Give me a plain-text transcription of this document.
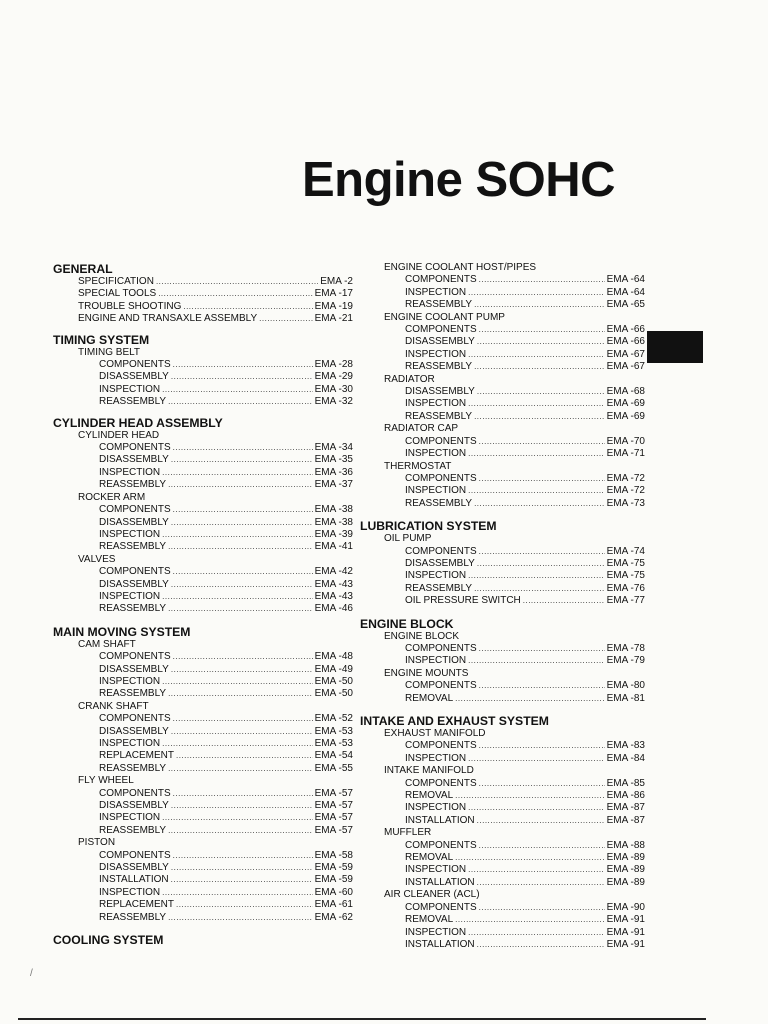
Engine SOHC
GENERAL
SPECIFICATION .....	EMA -2
SPECIAL TOOLS .....	EMA -17
TROUBLE SHOOTING .....	EMA -19
ENGINE AND TRANSAXLE ASSEMBLY .....	EMA -21
TIMING SYSTEM
TIMING BELT
COMPONENTS .....	EMA -28
DISASSEMBLY .....	EMA -29
INSPECTION .....	EMA -30
REASSEMBLY .....	EMA -32
CYLINDER HEAD ASSEMBLY
CYLINDER HEAD
COMPONENTS .....	EMA -34
DISASSEMBLY .....	EMA -35
INSPECTION .....	EMA -36
REASSEMBLY .....	EMA -37
ROCKER ARM
COMPONENTS .....	EMA -38
DISASSEMBLY .....	EMA -38
INSPECTION .....	EMA -39
REASSEMBLY .....	EMA -41
VALVES
COMPONENTS .....	EMA -42
DISASSEMBLY .....	EMA -43
INSPECTION .....	EMA -43
REASSEMBLY .....	EMA -46
MAIN MOVING SYSTEM
CAM SHAFT
COMPONENTS .....	EMA -48
DISASSEMBLY .....	EMA -49
INSPECTION .....	EMA -50
REASSEMBLY .....	EMA -50
CRANK SHAFT
COMPONENTS .....	EMA -52
DISASSEMBLY .....	EMA -53
INSPECTION .....	EMA -53
REPLACEMENT .....	EMA -54
REASSEMBLY .....	EMA -55
FLY WHEEL
COMPONENTS .....	EMA -57
DISASSEMBLY .....	EMA -57
INSPECTION .....	EMA -57
REASSEMBLY .....	EMA -57
PISTON
COMPONENTS .....	EMA -58
DISASSEMBLY .....	EMA -59
INSTALLATION .....	EMA -59
INSPECTION .....	EMA -60
REPLACEMENT .....	EMA -61
REASSEMBLY .....	EMA -62
COOLING SYSTEM
ENGINE COOLANT HOST/PIPES
COMPONENTS .....	EMA -64
INSPECTION .....	EMA -64
REASSEMBLY .....	EMA -65
ENGINE COOLANT PUMP
COMPONENTS .....	EMA -66
DISASSEMBLY .....	EMA -66
INSPECTION .....	EMA -67
REASSEMBLY .....	EMA -67
RADIATOR
DISASSEMBLY .....	EMA -68
INSPECTION .....	EMA -69
REASSEMBLY .....	EMA -69
RADIATOR CAP
COMPONENTS .....	EMA -70
INSPECTION .....	EMA -71
THERMOSTAT
COMPONENTS .....	EMA -72
INSPECTION .....	EMA -72
REASSEMBLY .....	EMA -73
LUBRICATION SYSTEM
OIL PUMP
COMPONENTS .....	EMA -74
DISASSEMBLY .....	EMA -75
INSPECTION .....	EMA -75
REASSEMBLY .....	EMA -76
OIL PRESSURE SWITCH .....	EMA -77
ENGINE BLOCK
ENGINE BLOCK
COMPONENTS .....	EMA -78
INSPECTION .....	EMA -79
ENGINE MOUNTS
COMPONENTS .....	EMA -80
REMOVAL .....	EMA -81
INTAKE AND EXHAUST SYSTEM
EXHAUST MANIFOLD
COMPONENTS .....	EMA -83
INSPECTION .....	EMA -84
INTAKE MANIFOLD
COMPONENTS .....	EMA -85
REMOVAL .....	EMA -86
INSPECTION .....	EMA -87
INSTALLATION .....	EMA -87
MUFFLER
COMPONENTS .....	EMA -88
REMOVAL .....	EMA -89
INSPECTION .....	EMA -89
INSTALLATION .....	EMA -89
AIR CLEANER (ACL)
COMPONENTS .....	EMA -90
REMOVAL .....	EMA -91
INSPECTION .....	EMA -91
INSTALLATION .....	EMA -91
/
